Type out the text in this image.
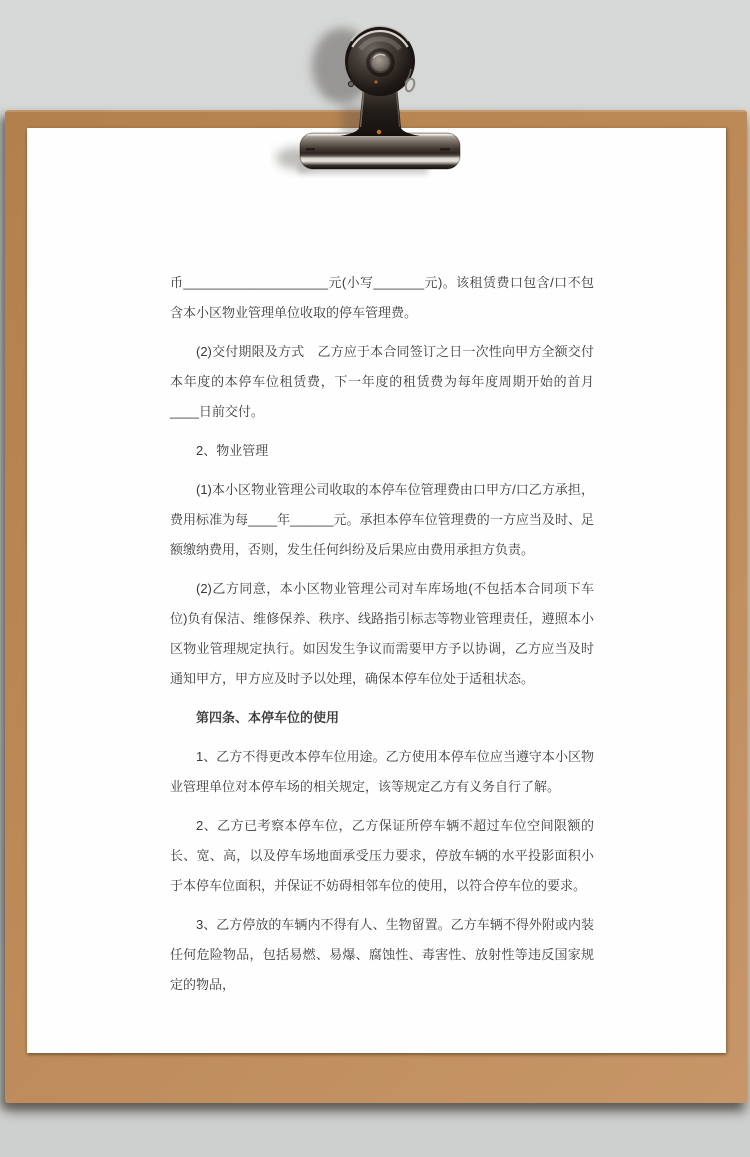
币____________________元(小写_______元)。该租赁费口包含/口不包含本小区物业管理单位收取的停车管理费。

(2)交付期限及方式　乙方应于本合同签订之日一次性向甲方全额交付本年度的本停车位租赁费，下一年度的租赁费为每年度周期开始的首月____日前交付。

2、物业管理

(1)本小区物业管理公司收取的本停车位管理费由口甲方/口乙方承担，费用标准为每____年______元。承担本停车位管理费的一方应当及时、足额缴纳费用，否则，发生任何纠纷及后果应由费用承担方负责。

(2)乙方同意，本小区物业管理公司对车库场地(不包括本合同项下车位)负有保洁、维修保养、秩序、线路指引标志等物业管理责任，遵照本小区物业管理规定执行。如因发生争议而需要甲方予以协调，乙方应当及时通知甲方，甲方应及时予以处理，确保本停车位处于适租状态。

第四条、本停车位的使用

1、乙方不得更改本停车位用途。乙方使用本停车位应当遵守本小区物业管理单位对本停车场的相关规定，该等规定乙方有义务自行了解。

2、乙方已考察本停车位，乙方保证所停车辆不超过车位空间限额的长、宽、高，以及停车场地面承受压力要求，停放车辆的水平投影面积小于本停车位面积，并保证不妨碍相邻车位的使用，以符合停车位的要求。

3、乙方停放的车辆内不得有人、生物留置。乙方车辆不得外附或内装任何危险物品，包括易燃、易爆、腐蚀性、毒害性、放射性等违反国家规定的物品，
